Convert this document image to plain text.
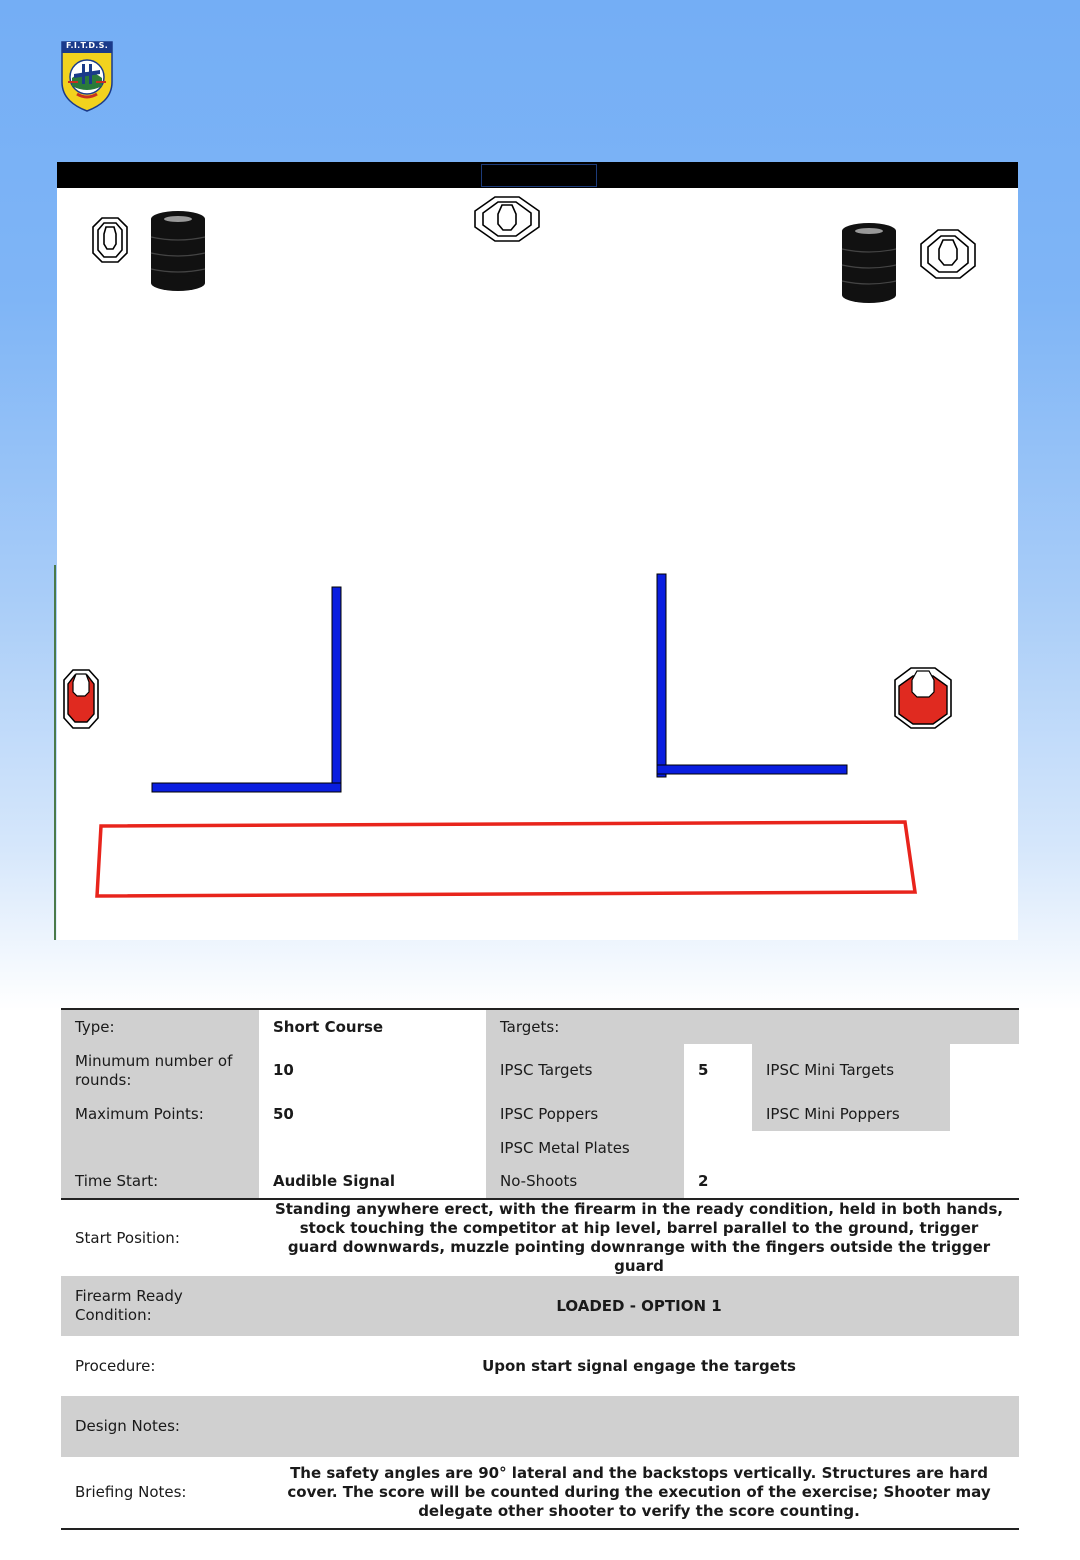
F.I.T.D.S.
Type:	Short Course	Targets:			
Minumum number of rounds:	10	IPSC Targets	5	IPSC Mini Targets	
Maximum Points:	50	IPSC Poppers		IPSC Mini Poppers	
		IPSC Metal Plates			
Time Start:	Audible Signal	No-Shoots	2		
Start Position:	Standing anywhere erect, with the firearm in the ready condition, held in both hands, stock touching the competitor at hip level, barrel parallel to the ground, trigger guard downwards, muzzle pointing downrange with the fingers outside the trigger guard				
Firearm Ready Condition:	LOADED - OPTION 1				
Procedure:	Upon start signal engage the targets				
Design Notes:					
Briefing Notes:	The safety angles are 90° lateral and the backstops vertically. Structures are hard cover. The score will be counted during the execution of the exercise; Shooter may delegate other shooter to verify the score counting.				
